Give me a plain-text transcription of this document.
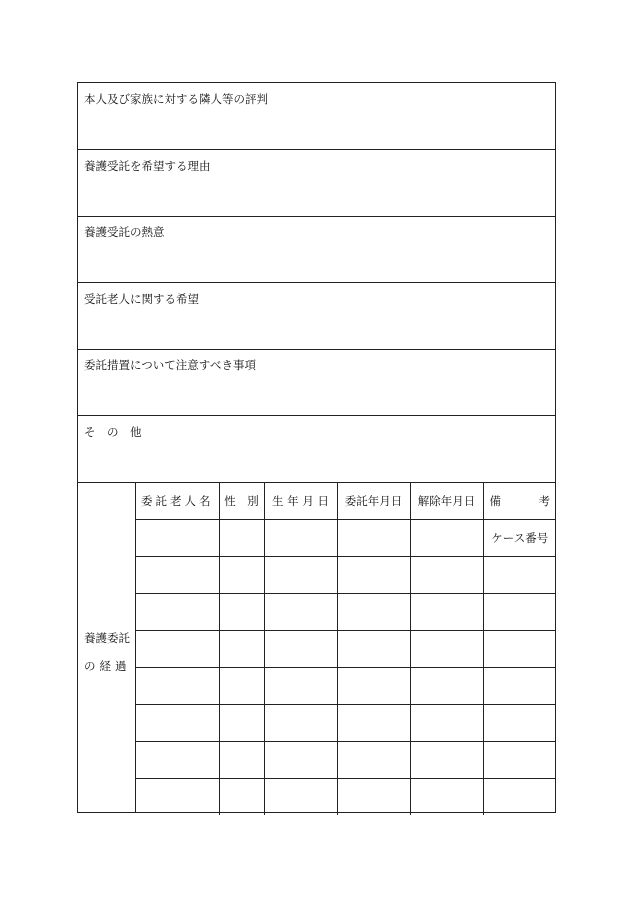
本人及び家族に対する隣人等の評判
養護受託を希望する理由
養護受託の熱意
受託老人に関する希望
委託措置について注意すべき事項
そ　の　他
養護委託
の経過
委託老人名	性　別	生 年 月 日	委託年月日	解除年月日	備 考

					ケース番号
